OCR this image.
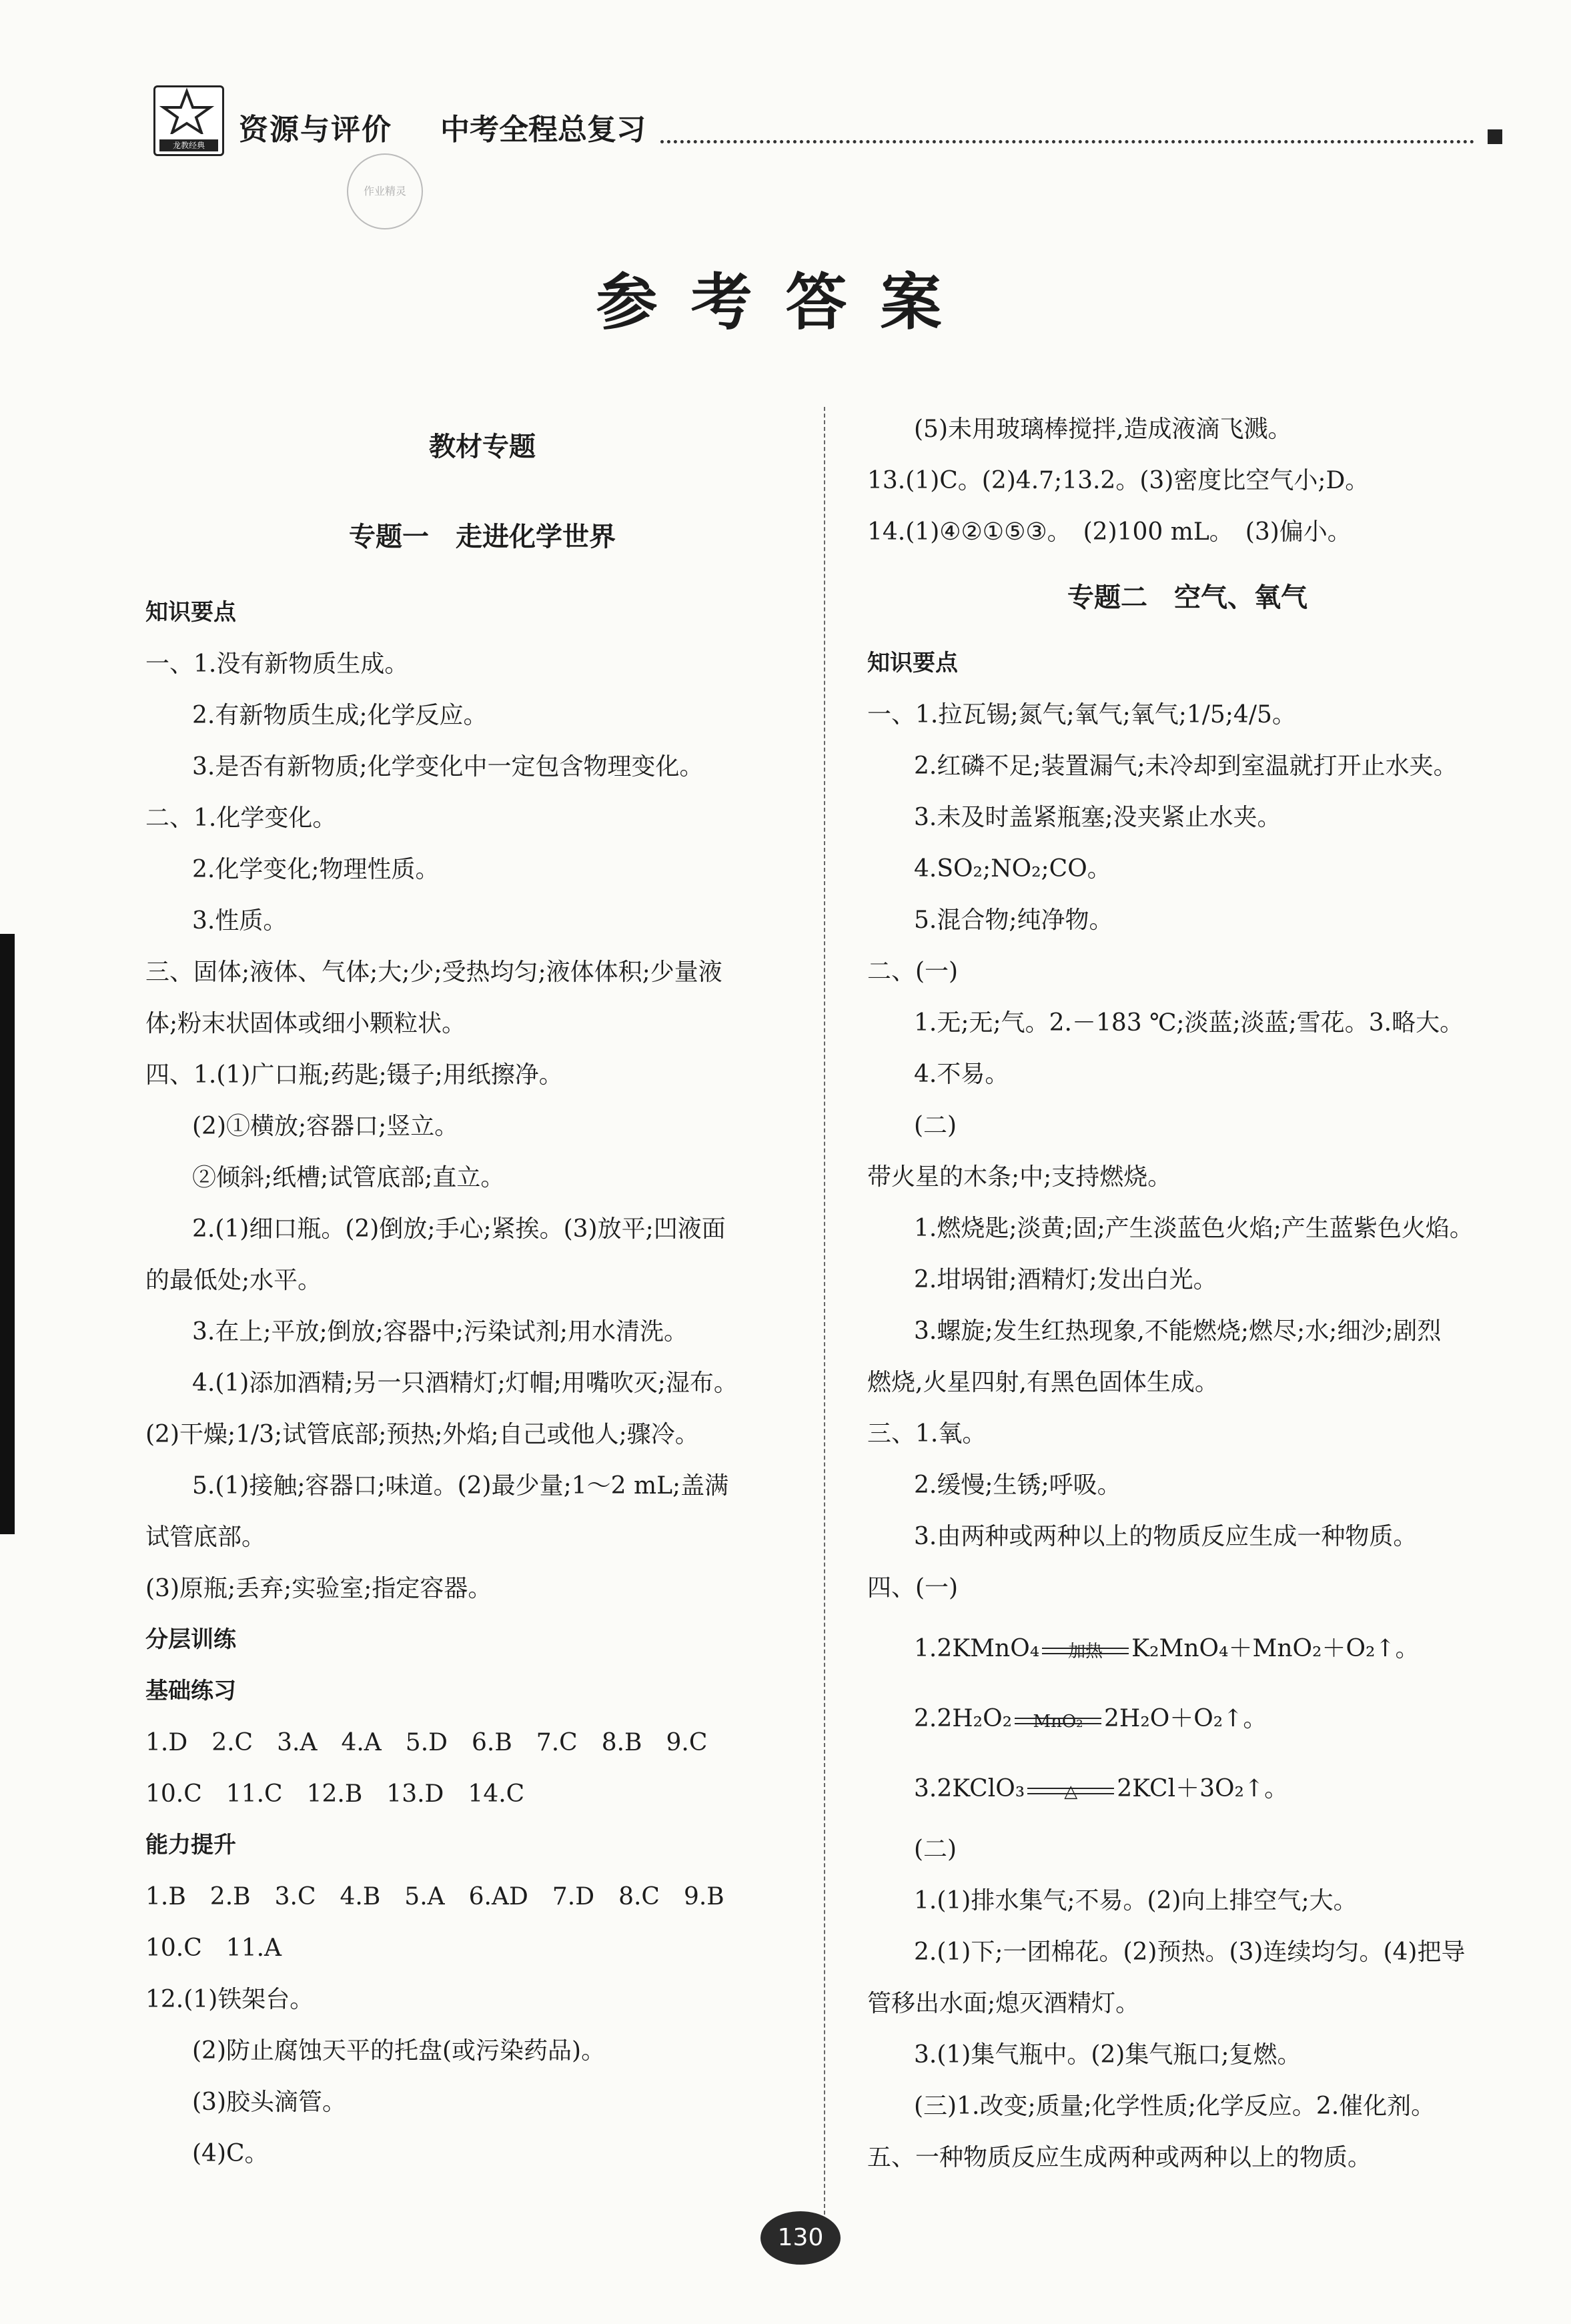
龙教经典	资源与评价 中考全程总复习
作业精灵
参考答案
教材专题
专题一　走进化学世界
知识要点
一、1.没有新物质生成。
2.有新物质生成;化学反应。
3.是否有新物质;化学变化中一定包含物理变化。
二、1.化学变化。
2.化学变化;物理性质。
3.性质。
三、固体;液体、气体;大;少;受热均匀;液体体积;少量液
体;粉末状固体或细小颗粒状。
四、1.(1)广口瓶;药匙;镊子;用纸擦净。
(2)①横放;容器口;竖立。
②倾斜;纸槽;试管底部;直立。
2.(1)细口瓶。(2)倒放;手心;紧挨。(3)放平;凹液面
的最低处;水平。
3.在上;平放;倒放;容器中;污染试剂;用水清洗。
4.(1)添加酒精;另一只酒精灯;灯帽;用嘴吹灭;湿布。
(2)干燥;1/3;试管底部;预热;外焰;自己或他人;骤冷。
5.(1)接触;容器口;味道。(2)最少量;1～2 mL;盖满
试管底部。
(3)原瓶;丢弃;实验室;指定容器。
分层训练
基础练习
1.D　2.C　3.A　4.A　5.D　6.B　7.C　8.B　9.C
10.C　11.C　12.B　13.D　14.C
能力提升
1.B　2.B　3.C　4.B　5.A　6.AD　7.D　8.C　9.B
10.C　11.A
12.(1)铁架台。
(2)防止腐蚀天平的托盘(或污染药品)。
(3)胶头滴管。
(4)C。
(5)未用玻璃棒搅拌,造成液滴飞溅。
13.(1)C。(2)4.7;13.2。(3)密度比空气小;D。
14.(1)④②①⑤③。　(2)100 mL。　(3)偏小。
专题二　空气、氧气
知识要点
一、1.拉瓦锡;氮气;氧气;氧气;1/5;4/5。
2.红磷不足;装置漏气;未冷却到室温就打开止水夹。
3.未及时盖紧瓶塞;没夹紧止水夹。
4.SO₂;NO₂;CO。
5.混合物;纯净物。
二、(一)
1.无;无;气。2.－183 ℃;淡蓝;淡蓝;雪花。3.略大。
4.不易。
(二)
带火星的木条;中;支持燃烧。
1.燃烧匙;淡黄;固;产生淡蓝色火焰;产生蓝紫色火焰。
2.坩埚钳;酒精灯;发出白光。
3.螺旋;发生红热现象,不能燃烧;燃尽;水;细沙;剧烈
燃烧,火星四射,有黑色固体生成。
三、1.氧。
2.缓慢;生锈;呼吸。
3.由两种或两种以上的物质反应生成一种物质。
四、(一)
1.2KMnO₄	加热	K₂MnO₄＋MnO₂＋O₂↑。
2.2H₂O₂	MnO₂ 2H₂O＋O₂↑。
3.2KClO₃	△	2KCl＋3O₂↑。
(二)
1.(1)排水集气;不易。(2)向上排空气;大。
2.(1)下;一团棉花。(2)预热。(3)连续均匀。(4)把导
管移出水面;熄灭酒精灯。
3.(1)集气瓶中。(2)集气瓶口;复燃。
(三)1.改变;质量;化学性质;化学反应。2.催化剂。
五、一种物质反应生成两种或两种以上的物质。
130
